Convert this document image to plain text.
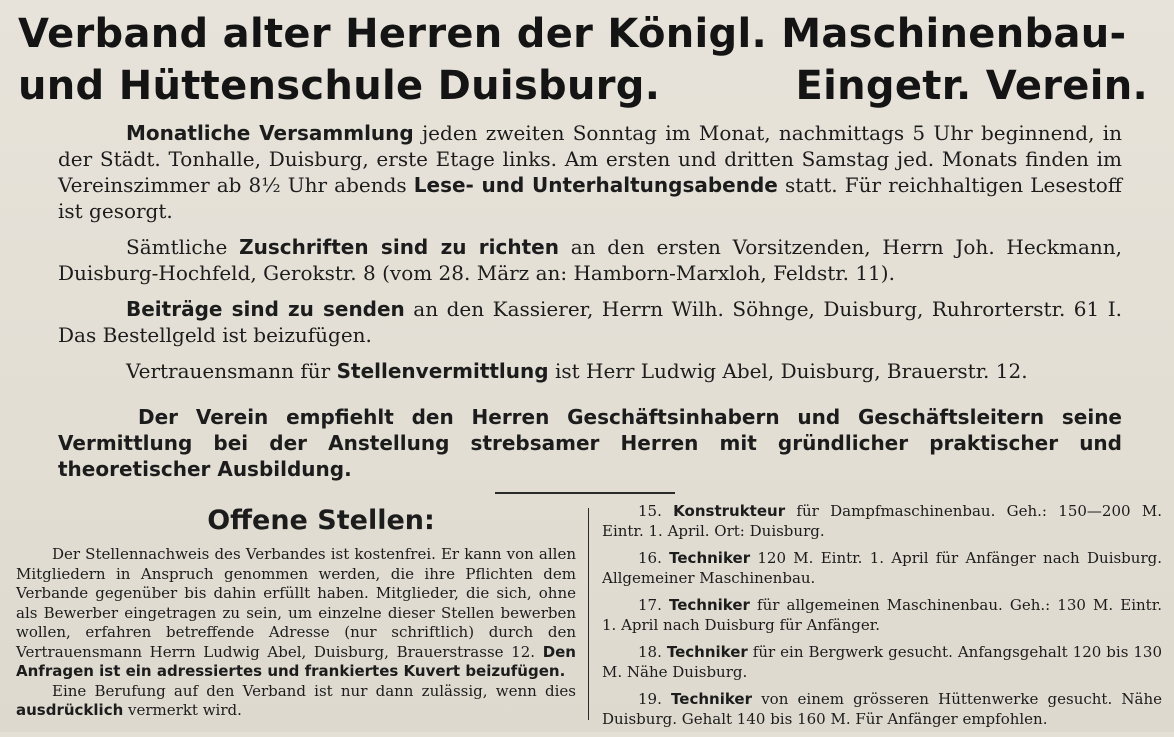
Verband alter Herren der Königl. Maschinenbau-
und Hüttenschule Duisburg.	Eingetr. Verein.

Monatliche Versammlung jeden zweiten Sonntag im Monat, nachmittags 5 Uhr beginnend, in der Städt. Tonhalle, Duisburg, erste Etage links. Am ersten und dritten Samstag jed. Monats finden im Vereinszimmer ab 8½ Uhr abends Lese- und Unterhaltungsabende statt. Für reichhaltigen Lesestoff ist gesorgt.

Sämtliche Zuschriften sind zu richten an den ersten Vorsitzenden, Herrn Joh. Heckmann, Duisburg-Hochfeld, Gerokstr. 8 (vom 28. März an: Hamborn-Marxloh, Feldstr. 11).

Beiträge sind zu senden an den Kassierer, Herrn Wilh. Söhnge, Duisburg, Ruhrorterstr. 61 I. Das Bestellgeld ist beizufügen.

Vertrauensmann für Stellenvermittlung ist Herr Ludwig Abel, Duisburg, Brauerstr. 12.

Der Verein empfiehlt den Herren Geschäftsinhabern und Geschäftsleitern seine Vermittlung bei der Anstellung strebsamer Herren mit gründlicher praktischer und theoretischer Ausbildung.
Offene Stellen:

Der Stellennachweis des Verbandes ist kostenfrei. Er kann von allen Mitgliedern in Anspruch genommen werden, die ihre Pflichten dem Verbande gegenüber bis dahin erfüllt haben. Mitglieder, die sich, ohne als Bewerber eingetragen zu sein, um einzelne dieser Stellen bewerben wollen, erfahren betreffende Adresse (nur schriftlich) durch den Vertrauensmann Herrn Ludwig Abel, Duisburg, Brauerstrasse 12. Den Anfragen ist ein adressiertes und frankiertes Kuvert beizufügen.

Eine Berufung auf den Verband ist nur dann zulässig, wenn dies ausdrücklich vermerkt wird.

15. Konstrukteur für Dampfmaschinenbau. Geh.: 150—200 M. Eintr. 1. April. Ort: Duisburg.

16. Techniker 120 M. Eintr. 1. April für Anfänger nach Duisburg. Allgemeiner Maschinenbau.

17. Techniker für allgemeinen Maschinenbau. Geh.: 130 M. Eintr. 1. April nach Duisburg für Anfänger.

18. Techniker für ein Bergwerk gesucht. Anfangsgehalt 120 bis 130 M. Nähe Duisburg.

19. Techniker von einem grösseren Hüttenwerke gesucht. Nähe Duisburg. Gehalt 140 bis 160 M. Für Anfänger empfohlen.
